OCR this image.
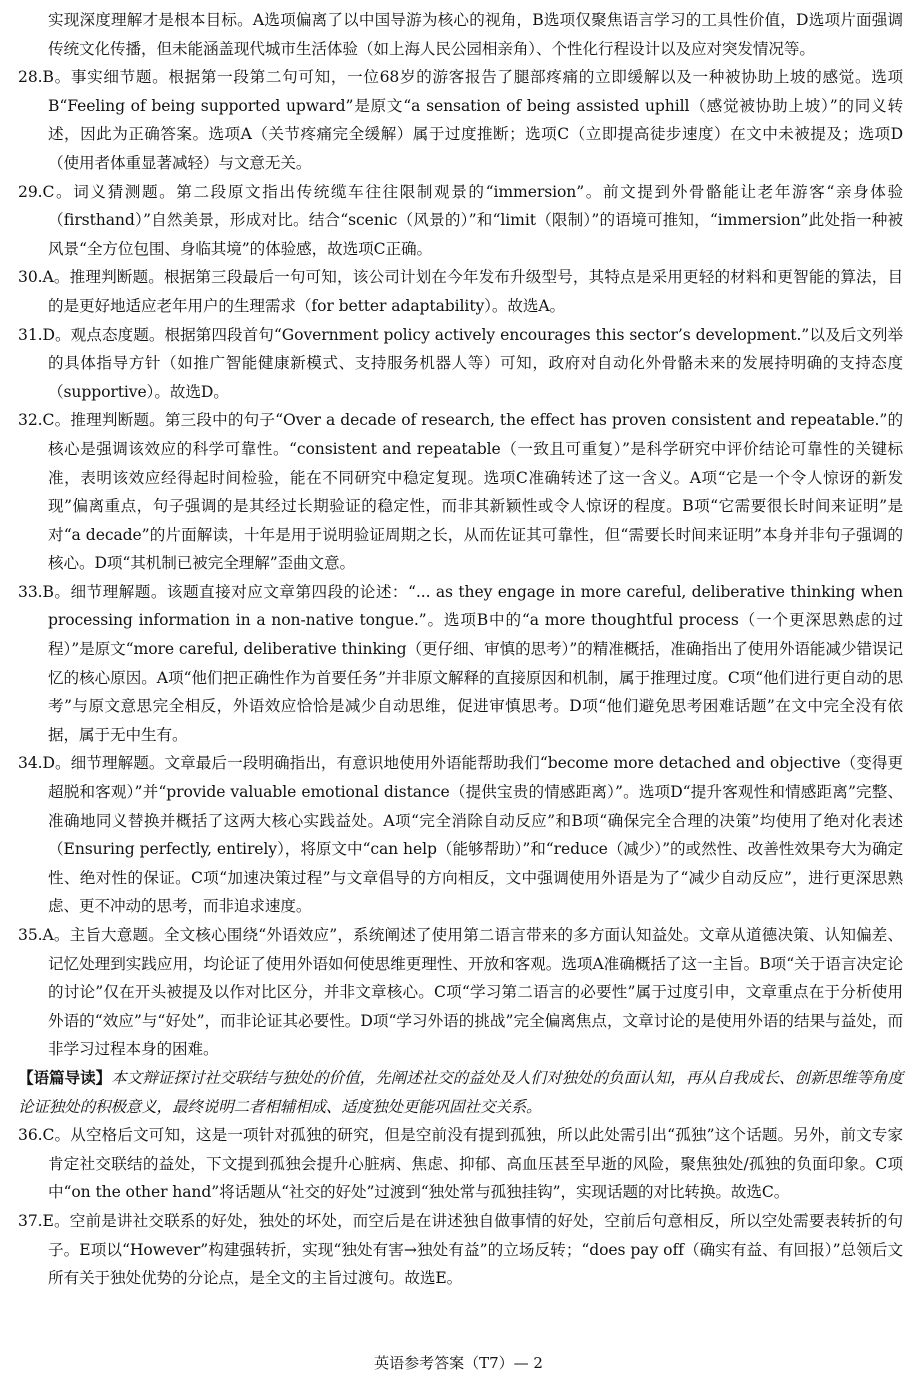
实现深度理解才是根本目标。A选项偏离了以中国导游为核心的视角，B选项仅聚焦语言学习的工具性价值，D选项片面强调传统文化传播，但未能涵盖现代城市生活体验（如上海人民公园相亲角）、个性化行程设计以及应对突发情况等。

28.B。事实细节题。根据第一段第二句可知，一位68岁的游客报告了腿部疼痛的立即缓解以及一种被协助上坡的感觉。选项B“Feeling of being supported upward”是原文“a sensation of being assisted uphill（感觉被协助上坡）”的同义转述，因此为正确答案。选项A（关节疼痛完全缓解）属于过度推断；选项C（立即提高徒步速度）在文中未被提及；选项D（使用者体重显著减轻）与文意无关。

29.C。词义猜测题。第二段原文指出传统缆车往往限制观景的“immersion”。前文提到外骨骼能让老年游客“亲身体验（firsthand）”自然美景，形成对比。结合“scenic（风景的）”和“limit（限制）”的语境可推知，“immersion”此处指一种被风景“全方位包围、身临其境”的体验感，故选项C正确。

30.A。推理判断题。根据第三段最后一句可知，该公司计划在今年发布升级型号，其特点是采用更轻的材料和更智能的算法，目的是更好地适应老年用户的生理需求（for better adaptability）。故选A。

31.D。观点态度题。根据第四段首句“Government policy actively encourages this sector’s development.”以及后文列举的具体指导方针（如推广智能健康新模式、支持服务机器人等）可知，政府对自动化外骨骼未来的发展持明确的支持态度（supportive）。故选D。

32.C。推理判断题。第三段中的句子“Over a decade of research, the effect has proven consistent and repeatable.”的核心是强调该效应的科学可靠性。“consistent and repeatable（一致且可重复）”是科学研究中评价结论可靠性的关键标准，表明该效应经得起时间检验，能在不同研究中稳定复现。选项C准确转述了这一含义。A项“它是一个令人惊讶的新发现”偏离重点，句子强调的是其经过长期验证的稳定性，而非其新颖性或令人惊讶的程度。B项“它需要很长时间来证明”是对“a decade”的片面解读，十年是用于说明验证周期之长，从而佐证其可靠性，但“需要长时间来证明”本身并非句子强调的核心。D项“其机制已被完全理解”歪曲文意。

33.B。细节理解题。该题直接对应文章第四段的论述：“... as they engage in more careful, deliberative thinking when processing information in a non-native tongue.”。选项B中的“a more thoughtful process（一个更深思熟虑的过程）”是原文“more careful, deliberative thinking（更仔细、审慎的思考）”的精准概括，准确指出了使用外语能减少错误记忆的核心原因。A项“他们把正确性作为首要任务”并非原文解释的直接原因和机制，属于推理过度。C项“他们进行更自动的思考”与原文意思完全相反，外语效应恰恰是减少自动思维，促进审慎思考。D项“他们避免思考困难话题”在文中完全没有依据，属于无中生有。

34.D。细节理解题。文章最后一段明确指出，有意识地使用外语能帮助我们“become more detached and objective（变得更超脱和客观）”并“provide valuable emotional distance（提供宝贵的情感距离）”。选项D“提升客观性和情感距离”完整、准确地同义替换并概括了这两大核心实践益处。A项“完全消除自动反应”和B项“确保完全合理的决策”均使用了绝对化表述（Ensuring perfectly, entirely），将原文中“can help（能够帮助）”和“reduce（减少）”的或然性、改善性效果夸大为确定性、绝对性的保证。C项“加速决策过程”与文章倡导的方向相反，文中强调使用外语是为了“减少自动反应”，进行更深思熟虑、更不冲动的思考，而非追求速度。

35.A。主旨大意题。全文核心围绕“外语效应”，系统阐述了使用第二语言带来的多方面认知益处。文章从道德决策、认知偏差、记忆处理到实践应用，均论证了使用外语如何使思维更理性、开放和客观。选项A准确概括了这一主旨。B项“关于语言决定论的讨论”仅在开头被提及以作对比区分，并非文章核心。C项“学习第二语言的必要性”属于过度引申，文章重点在于分析使用外语的“效应”与“好处”，而非论证其必要性。D项“学习外语的挑战”完全偏离焦点，文章讨论的是使用外语的结果与益处，而非学习过程本身的困难。

【语篇导读】本文辩证探讨社交联结与独处的价值，先阐述社交的益处及人们对独处的负面认知，再从自我成长、创新思维等角度论证独处的积极意义，最终说明二者相辅相成、适度独处更能巩固社交关系。

36.C。从空格后文可知，这是一项针对孤独的研究，但是空前没有提到孤独，所以此处需引出“孤独”这个话题。另外，前文专家肯定社交联结的益处，下文提到孤独会提升心脏病、焦虑、抑郁、高血压甚至早逝的风险，聚焦独处/孤独的负面印象。C项中“on the other hand”将话题从“社交的好处”过渡到“独处常与孤独挂钩”，实现话题的对比转换。故选C。

37.E。空前是讲社交联系的好处，独处的坏处，而空后是在讲述独自做事情的好处，空前后句意相反，所以空处需要表转折的句子。E项以“However”构建强转折，实现“独处有害→独处有益”的立场反转；“does pay off（确实有益、有回报）”总领后文所有关于独处优势的分论点，是全文的主旨过渡句。故选E。

英语参考答案（T7）— 2
